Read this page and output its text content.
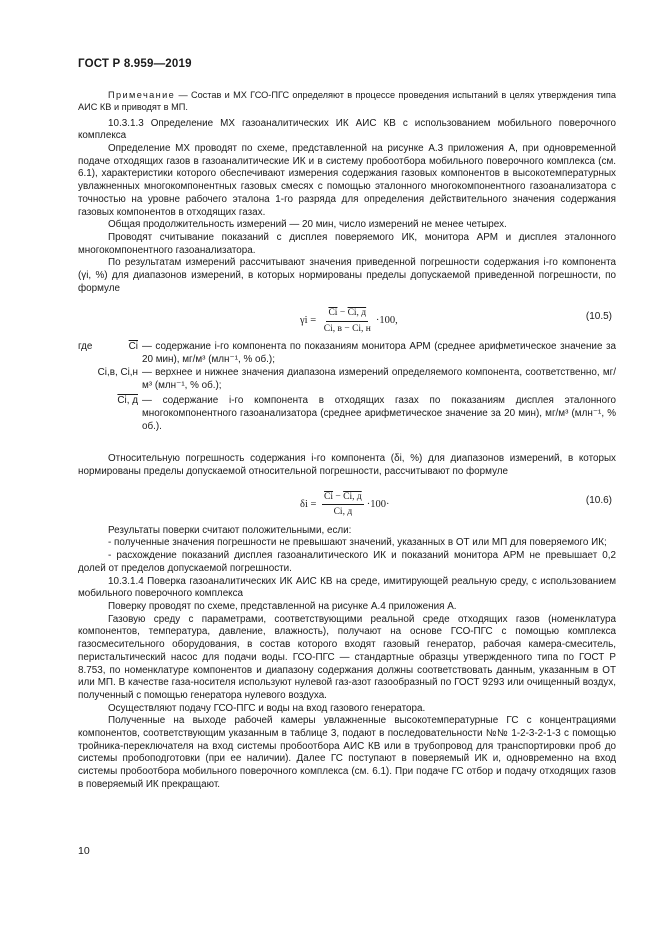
ГОСТ Р 8.959—2019

Примечание — Состав и МХ ГСО-ПГС определяют в процессе проведения испытаний в целях утверждения типа АИС КВ и приводят в МП.

10.3.1.3 Определение МХ газоаналитических ИК АИС КВ с использованием мобильного поверочного комплекса

Определение МХ проводят по схеме, представленной на рисунке А.3 приложения А, при одновременной подаче отходящих газов в газоаналитические ИК и в систему пробоотбора мобильного поверочного комплекса (см. 6.1), характеристики которого обеспечивают измерения содержания газовых компонентов в высокотемпературных увлажненных многокомпонентных газовых смесях с помощью эталонного многокомпонентного газоанализатора с точностью на уровне рабочего эталона 1-го разряда для определения действительного значения содержания газовых компонентов в отходящих газах.

Общая продолжительность измерений — 20 мин, число измерений не менее четырех.

Проводят считывание показаний с дисплея поверяемого ИК, монитора АРМ и дисплея эталонного многокомпонентного газоанализатора.

По результатам измерений рассчитывают значения приведенной погрешности содержания i-го компонента (γi, %) для диапазонов измерений, в которых нормированы пределы допускаемой приведенной погрешности, по формуле

$\gamma i = \frac{\overline{Ci} - Ci, д}{Ci, в - Ci, н} \cdot 100$,	(10.5)
где	$\overline{Ci}$ — содержание i-го компонента по показаниям монитора АРМ (среднее арифметическое значение за 20 мин), мг/м³ (млн⁻¹, % об.);
Ci,в, Ci,н — верхнее и нижнее значения диапазона измерений определяемого компонента, соответственно, мг/м³ (млн⁻¹, % об.);
Ci, д — содержание i-го компонента в отходящих газах по показаниям дисплея эталонного многокомпонентного газоанализатора (среднее арифметическое значение за 20 мин), мг/м³ (млн⁻¹, % об.).

Относительную погрешность содержания i-го компонента (δi, %) для диапазонов измерений, в которых нормированы пределы допускаемой относительной погрешности, рассчитывают по формуле

$\delta i = \frac{\overline{Ci} - Ci, д}{Ci, д} \cdot 100\cdot$	(10.6)

Результаты поверки считают положительными, если:

- полученные значения погрешности не превышают значений, указанных в ОТ или МП для поверяемого ИК;

- расхождение показаний дисплея газоаналитического ИК и показаний монитора АРМ не превышает 0,2 долей от пределов допускаемой погрешности.

10.3.1.4 Поверка газоаналитических ИК АИС КВ на среде, имитирующей реальную среду, с использованием мобильного поверочного комплекса

Поверку проводят по схеме, представленной на рисунке А.4 приложения А.

Газовую среду с параметрами, соответствующими реальной среде отходящих газов (номенклатура компонентов, температура, давление, влажность), получают на основе ГСО-ПГС с помощью комплекса газосмесительного оборудования, в состав которого входят газовый генератор, рабочая камера-смеситель, перистальтический насос для подачи воды. ГСО-ПГС — стандартные образцы утвержденного типа по ГОСТ Р 8.753, по номенклатуре компонентов и диапазону содержания должны соответствовать данным, указанным в ОТ или МП. В качестве газа-носителя используют нулевой газ-азот газообразный по ГОСТ 9293 или очищенный воздух, полученный с помощью генератора нулевого воздуха.

Осуществляют подачу ГСО-ПГС и воды на вход газового генератора.

Полученные на выходе рабочей камеры увлажненные высокотемпературные ГС с концентрациями компонентов, соответствующим указанным в таблице 3, подают в последовательности №№ 1-2-3-2-1-3 с помощью тройника-переключателя на вход системы пробоотбора АИС КВ или в трубопровод для транспортировки проб до системы пробоподготовки (при ее наличии). Далее ГС поступают в поверяемый ИК и, одновременно на вход системы пробоотбора мобильного поверочного комплекса (см. 6.1). При подаче ГС отбор и подачу отходящих газов в поверяемый ИК прекращают.

10
